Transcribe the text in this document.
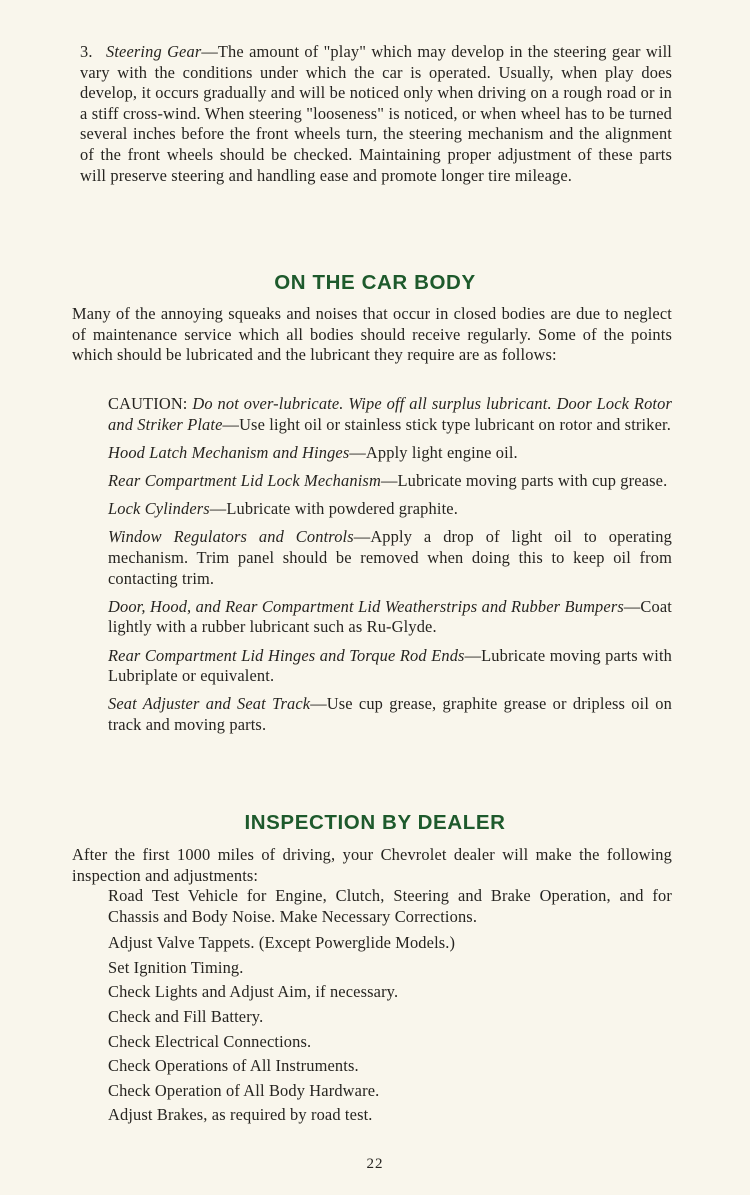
3. Steering Gear—The amount of "play" which may develop in the steering gear will vary with the conditions under which the car is operated. Usually, when play does develop, it occurs gradually and will be noticed only when driving on a rough road or in a stiff cross-wind. When steering "looseness" is noticed, or when wheel has to be turned several inches before the front wheels turn, the steering mechanism and the alignment of the front wheels should be checked. Maintaining proper adjustment of these parts will preserve steering and handling ease and promote longer tire mileage.

ON THE CAR BODY
Many of the annoying squeaks and noises that occur in closed bodies are due to neglect of maintenance service which all bodies should receive regularly. Some of the points which should be lubricated and the lubricant they require are as follows:

CAUTION: Do not over-lubricate. Wipe off all surplus lubricant. Door Lock Rotor and Striker Plate—Use light oil or stainless stick type lubricant on rotor and striker.

Hood Latch Mechanism and Hinges—Apply light engine oil.

Rear Compartment Lid Lock Mechanism—Lubricate moving parts with cup grease.

Lock Cylinders—Lubricate with powdered graphite.

Window Regulators and Controls—Apply a drop of light oil to operating mechanism. Trim panel should be removed when doing this to keep oil from contacting trim.

Door, Hood, and Rear Compartment Lid Weatherstrips and Rubber Bumpers—Coat lightly with a rubber lubricant such as Ru-Glyde.

Rear Compartment Lid Hinges and Torque Rod Ends—Lubricate moving parts with Lubriplate or equivalent.

Seat Adjuster and Seat Track—Use cup grease, graphite grease or dripless oil on track and moving parts.

INSPECTION BY DEALER
After the first 1000 miles of driving, your Chevrolet dealer will make the following inspection and adjustments:

Road Test Vehicle for Engine, Clutch, Steering and Brake Operation, and for Chassis and Body Noise. Make Necessary Corrections.

Adjust Valve Tappets. (Except Powerglide Models.)

Set Ignition Timing.

Check Lights and Adjust Aim, if necessary.

Check and Fill Battery.

Check Electrical Connections.

Check Operations of All Instruments.

Check Operation of All Body Hardware.

Adjust Brakes, as required by road test.

22
